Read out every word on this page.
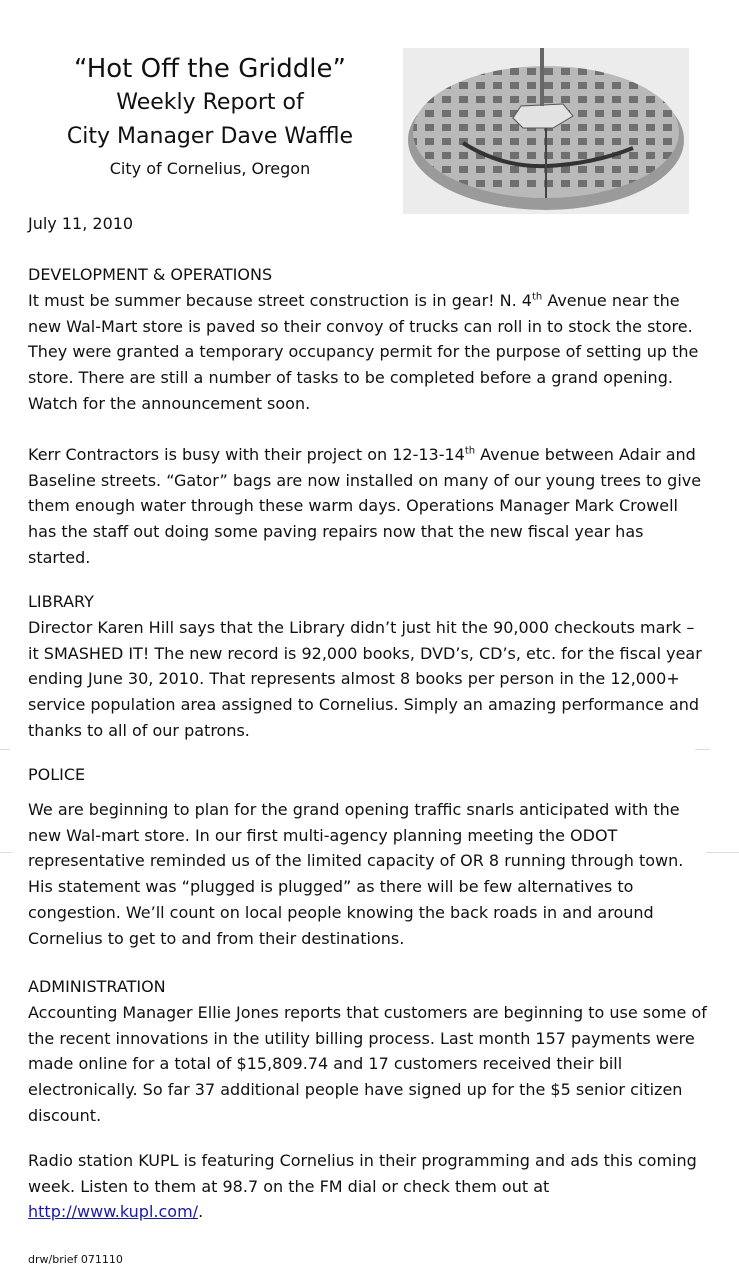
“Hot Off the Griddle”
Weekly Report of
City Manager Dave Waffle
City of Cornelius, Oregon
July 11, 2010
DEVELOPMENT & OPERATIONS
It must be summer because street construction is in gear! N. 4th Avenue near the new Wal-Mart store is paved so their convoy of trucks can roll in to stock the store. They were granted a temporary occupancy permit for the purpose of setting up the store. There are still a number of tasks to be completed before a grand opening. Watch for the announcement soon.
Kerr Contractors is busy with their project on 12-13-14th Avenue between Adair and Baseline streets. “Gator” bags are now installed on many of our young trees to give them enough water through these warm days. Operations Manager Mark Crowell has the staff out doing some paving repairs now that the new fiscal year has started.
LIBRARY
Director Karen Hill says that the Library didn’t just hit the 90,000 checkouts mark – it SMASHED IT! The new record is 92,000 books, DVD’s, CD’s, etc. for the fiscal year ending June 30, 2010. That represents almost 8 books per person in the 12,000+ service population area assigned to Cornelius. Simply an amazing performance and thanks to all of our patrons.
POLICE
We are beginning to plan for the grand opening traffic snarls anticipated with the new Wal-mart store. In our first multi-agency planning meeting the ODOT representative reminded us of the limited capacity of OR 8 running through town. His statement was “plugged is plugged” as there will be few alternatives to congestion. We’ll count on local people knowing the back roads in and around Cornelius to get to and from their destinations.
ADMINISTRATION
Accounting Manager Ellie Jones reports that customers are beginning to use some of the recent innovations in the utility billing process. Last month 157 payments were made online for a total of $15,809.74 and 17 customers received their bill electronically. So far 37 additional people have signed up for the $5 senior citizen discount.
Radio station KUPL is featuring Cornelius in their programming and ads this coming week. Listen to them at 98.7 on the FM dial or check them out at http://www.kupl.com/.
drw/brief 071110
